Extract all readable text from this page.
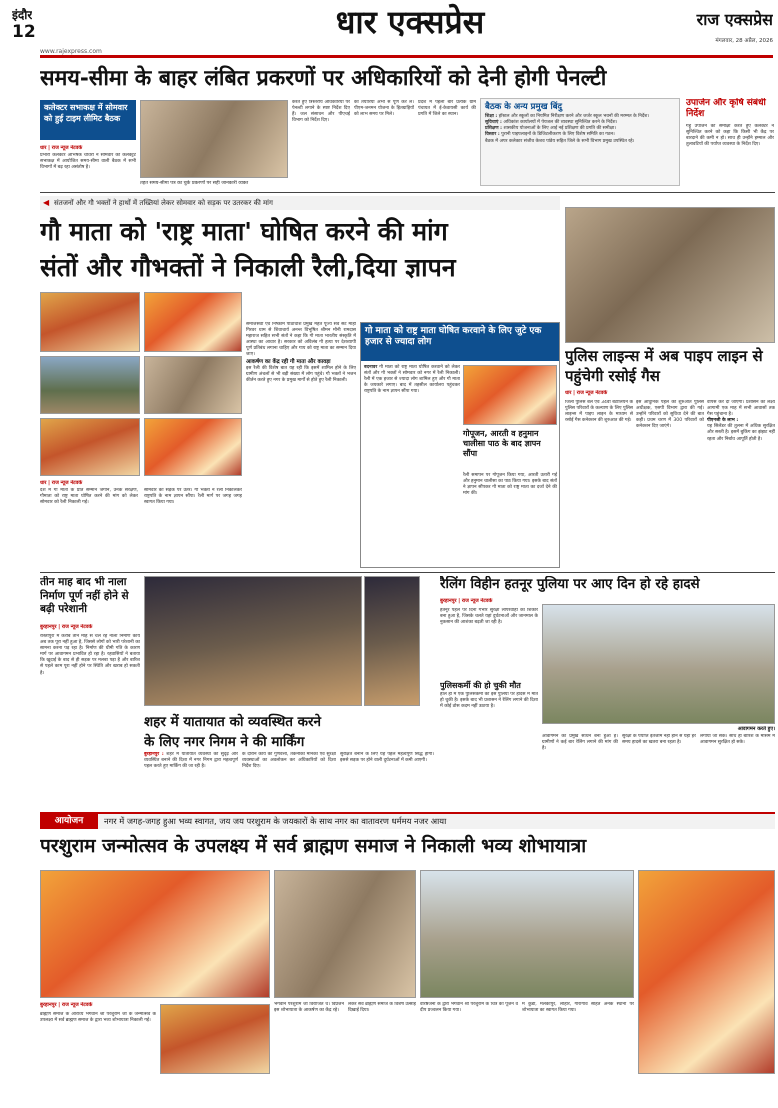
इंदौर
12	धार एक्सप्रेस	राज एक्सप्रेस
www.rajexpress.com
मंगलवार, 28 अप्रैल, 2026
समय-सीमा के बाहर लंबित प्रकरणों पर अधिकारियों को देनी होगी पेनल्टी
कलेक्टर सभाकक्ष में सोमवार को हुई टाइम लीमिट बैठक
धार | राज न्यूज नेटवर्क
प्रभारी कलेक्टर अभिषेक चौधरी ने सोमवार को कलेक्ट्रेट सभाकक्ष में आयोजित समय-सीमा वाली बैठक में सभी विभागों में बढ़ रहा असंतोष है।
तहत समय-सीमा पत्र का चुके प्रकरणों पर सही जानकारी व्यक्त
करते हुए त्रिस्तरीय अधिकारियों पर पेनल्टी लगाने के स्पष्ट निर्देश दिए हैं। जल संसाधन और पीएचई विभाग को निर्देश दिए।
की तैयारियां अभी से पूर्ण कर लें। पीएम-जनमन योजना के हितग्राहियों को लाभ समय पर मिले।
प्रदेश में पहली बार प्रत्येक ग्राम पंचायत में ई-केवायसी कार्य की प्रगति में जिले का स्थान।
बैठक के अन्य प्रमुख बिंदु
शिक्षा : हॉस्टल और स्कूलों का नियमित निरीक्षण करने और जर्जर स्कूल भवनों की मरम्मत के निर्देश।
सुविधाएं : अधिकांश कार्यालयों में पेयजल की व्यवस्था सुनिश्चित करने के निर्देश।
प्रशिक्षण : शासकीय योजनाओं के लिए आई नई प्रशिक्षण की प्रगति की समीक्षा।
विस्तार : पुरानी पाइपलाइनों के डिजिटलीकरण के लिए विशेष समिति का गठन।
बैठक में अपर कलेक्टर संजीव केशव पांडेय सहित जिले के सभी विभाग प्रमुख उपस्थित रहे।
उपार्जन और कृषि संबंधी निर्देश
गेहूं उपार्जन की समीक्षा करते हुए कलेक्टर ने सुनिश्चित करने को कहा कि किसी भी केंद्र पर बारदाने की कमी न हो। साथ ही उन्होंने हम्माल और तुलावटियों की पर्याप्त व्यवस्था के निर्देश दिए।
◀ संतजनों और गौ भक्तों ने हाथों में तख्तियां लेकर सोमवार को सड़क पर उतरकर की मांग
गौ माता को 'राष्ट्र माता' घोषित करने की मांग
संतों और गौभक्तों ने निकाली रैली,दिया ज्ञापन
धार | राज न्यूज नेटवर्क
देश में गौ माता के प्रति सम्मान जगाने, उनके संरक्षण, गौमाता को राष्ट्र माता घोषित करने की मांग को लेकर सोमवार को रैली निकाली गई।
सोमवार को सड़क पर उतरे। गौ भक्तों ने रैली निकालकर राष्ट्रपति के नाम ज्ञापन सौंपा। रैली मार्ग पर जगह जगह स्वागत किया गया।
समाजसेवी एवं निष्काम पीठाधीश प्रमुख महंत पूज्य सर्व सेंट माही गिरवर धाम से शिवाचार्य अनन्त विभूषित श्रीमन मौनी रामदास महाराज सहित सभी संतों ने कहा कि गौ माता भारतीय संस्कृति में आस्था का आधार है। सरकार को अविलंब गौ हत्या पर देशव्यापी पूर्ण प्रतिबंध लगाना चाहिए और गाय को राष्ट्र माता का सम्मान दिया जाए।
आकर्षण का केंद्र रही गौ माता और कावड़ा
इस रैली की विशेष बात यह रही कि इसमें शामिल होने के लिए ग्रामीण अंचलों से भी बड़ी संख्या में लोग पहुंचे। गौ भक्तों ने भजन कीर्तन करते हुए नगर के प्रमुख मार्गों से होते हुए रैली निकाली।
गो माता को राष्ट्र माता घोषित करवाने के लिए जुटे एक हजार से ज्यादा लोग
बदनावर गौ माता को राष्ट्र माता घोषित करवाने को लेकर संतों और गौ भक्तों ने सोमवार को नगर में रैली निकाली। रैली में एक हजार से ज्यादा लोग शामिल हुए और गौ माता के जयकारे लगाए। बाद में तहसील कार्यालय पहुंचकर राष्ट्रपति के नाम ज्ञापन सौंपा गया।
गोपूजन, आरती व हनुमान चालीसा पाठ के बाद ज्ञापन सौंपा
रैली समापन पर गोपूजन किया गया, आरती उतारी गई और हनुमान चालीसा का पाठ किया गया। इसके बाद संतों ने ज्ञापन सौंपकर गौ माता को राष्ट्र माता का दर्जा देने की मांग की।
पुलिस लाइन्स में अब पाइप लाइन से पहुंचेगी रसोई गैस
धार | राज न्यूज नेटवर्क
जिला पुलिस बल एवं 34वीं बटालियन के पुलिस परिवारों के कल्याण के लिए पुलिस लाइन्स में पाइप लाइन के माध्यम से रसोई गैस कनेक्शन की शुरुआत की गई।
इस आधुनिक पहल की शुरुआत पुलिस अधीक्षक, एसपी विभाग द्वारा की गई। उन्होंने परिवारों को सुविधा देने की बात कही। प्रथम चरण में 300 परिवारों को कनेक्शन दिए जाएंगे।
वापस कर दी जाएगी। प्रशासन का लक्ष्य आगामी एक माह में सभी आवासों तक गैस पहुंचाना है।
पीएनजी के लाभ :
यह सिलेंडर की तुलना में अधिक सुरक्षित और सस्ती है। इसमें बुकिंग का झंझट नहीं रहता और निर्बाध आपूर्ति होती है।
तीन माह बाद भी नाला निर्माण पूर्ण नहीं होने से बढ़ी परेशानी
बुरहानपुर | राज न्यूज नेटवर्क
रास्तीपुरा में करीब तीन माह से चल रहे नाला निर्माण कार्य अब तक पूरा नहीं हुआ है, जिससे लोगों को भारी परेशानी का सामना करना पड़ रहा है। निर्माण की धीमी गति के कारण मार्ग पर आवागमन प्रभावित हो रहा है। रहवासियों ने बताया कि खुदाई के बाद से ही सड़क पर मलबा पड़ा है और बारिश से पहले काम पूरा नहीं होने पर स्थिति और खराब हो सकती है।
शहर में यातायात को व्यवस्थित करने
के लिए नगर निगम ने की मार्किंग
बुरहानपुर : शहर में यातायात व्यवस्था को सुदृढ़ और व्यवस्थित बनाने की दिशा में नगर निगम द्वारा महत्वपूर्ण पहल करते हुए मार्किंग की जा रही है।
के दौरान कार्य की गुणवत्ता, तकनीकी मानकों एवं सुरक्षा व्यवस्थाओं का अवलोकन कर अधिकारियों को दिशा निर्देश दिए।
सुरक्षित बनाने के लिए यह पहल महत्वपूर्ण सिद्ध होगी। इससे सड़क पर होने वाली दुर्घटनाओं में कमी आएगी।
रैलिंग विहीन हतनूर पुलिया पर आए दिन हो रहे हादसे
बुरहानपुर | राज न्यूज नेटवर्क
हतनूर पहल पर दिनों गंभीर सुरक्षा लापरवाही का शिकार बना हुआ है, जिसके चलते यहां दुर्घटनाओं और जानमाल के नुकसान की आशंका बढ़ती जा रही है।
पुलिसकर्मी की हो चुकी मौत
हाल ही में एक पुलिसकर्मी की इस पुलिया पर हादसे में मौत हो चुकी है। इसके बाद भी प्रशासन ने रेलिंग लगाने की दिशा में कोई ठोस कदम नहीं उठाया है।
आवागमन करते हुए।
आवागमन का प्रमुख साधन बना हुआ है। ग्रामीणों ने कई बार रेलिंग लगाने की मांग की है।
सुरक्षा के पर्याप्त इंतजाम नहीं होने से यहां हर समय हादसे का खतरा बना रहता है।
लगाया जा सके। साथ ही बारिश के मौसम में आवागमन सुरक्षित हो सके।
आयोजन	नगर में जगह-जगह हुआ भव्य स्वागत, जय जय परशुराम के जयकारों के साथ नगर का वातावरण धर्ममय नजर आया
परशुराम जन्मोत्सव के उपलक्ष्य में सर्व ब्राह्मण समाज ने निकाली भव्य शोभायात्रा
बुरहानपुर | राज न्यूज नेटवर्क
ब्राह्मण समाज के आराध्य भगवान श्री परशुराम जी के जन्मोत्सव के उपलक्ष्य में सर्व ब्राह्मण समाज के द्वारा भव्य शोभायात्रा निकाली गई।
भगवान परशुराम जी विराजित थे। विप्रजन इस शोभायात्रा के आकर्षण का केंद्र रहे।
लेकर सर्व ब्राह्मण समाज के विशेष उत्साह दिखाई दिया।
वरिष्ठजनों के द्वारा भगवान श्री परशुराम के चित्र का पूजन व दीप प्रज्वलन किया गया।
में कुंडी, मलकापुर, लोहार, गोरागांव सहित अनेक स्थानों पर शोभायात्रा का स्वागत किया गया।
